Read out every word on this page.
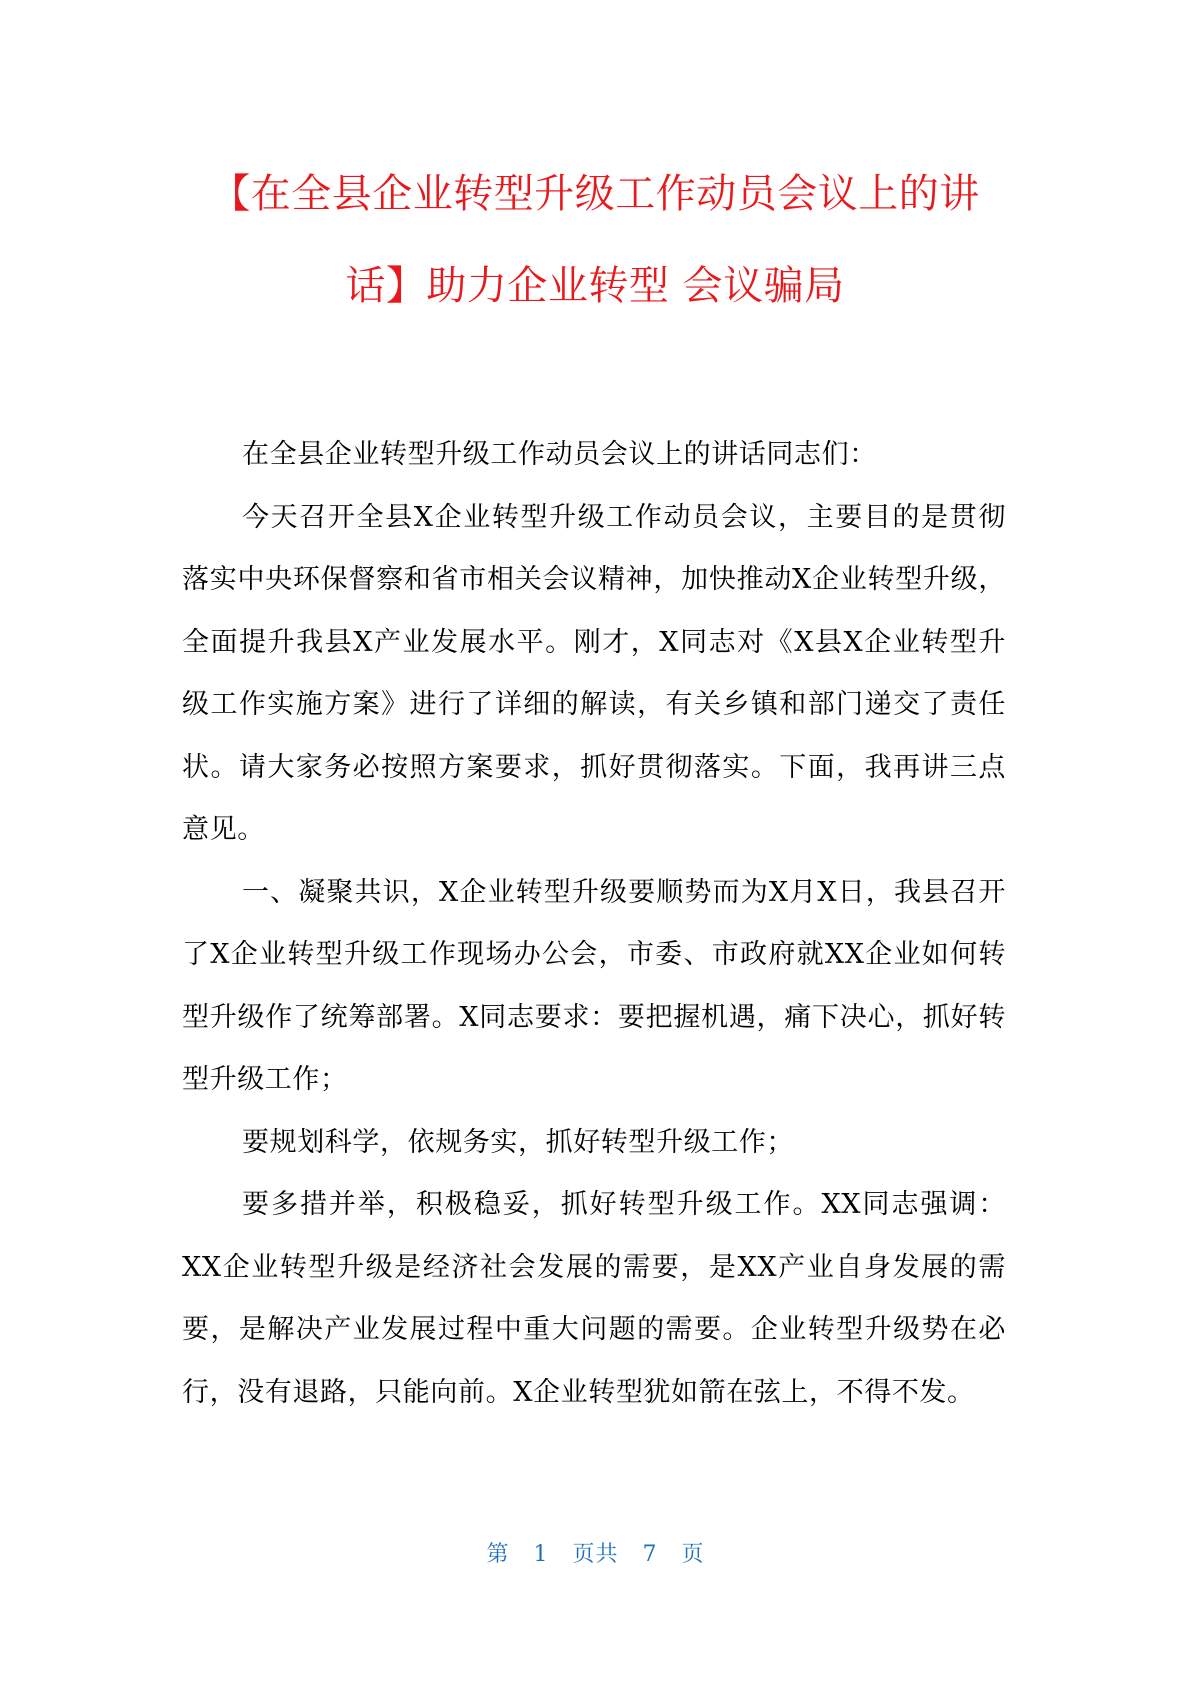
【在全县企业转型升级工作动员会议上的讲话】助力企业转型 会议骗局

在全县企业转型升级工作动员会议上的讲话同志们：

今天召开全县X企业转型升级工作动员会议，主要目的是贯彻落实中央环保督察和省市相关会议精神，加快推动X企业转型升级，全面提升我县X产业发展水平。刚才，X同志对《X县X企业转型升级工作实施方案》进行了详细的解读，有关乡镇和部门递交了责任状。请大家务必按照方案要求，抓好贯彻落实。下面，我再讲三点意见。

一、凝聚共识，X企业转型升级要顺势而为X月X日，我县召开了X企业转型升级工作现场办公会，市委、市政府就XX企业如何转型升级作了统筹部署。X同志要求：要把握机遇，痛下决心，抓好转型升级工作；

要规划科学，依规务实，抓好转型升级工作；

要多措并举，积极稳妥，抓好转型升级工作。XX同志强调：XX企业转型升级是经济社会发展的需要，是XX产业自身发展的需要，是解决产业发展过程中重大问题的需要。企业转型升级势在必行，没有退路，只能向前。X企业转型犹如箭在弦上，不得不发。

第 1 页共 7 页
